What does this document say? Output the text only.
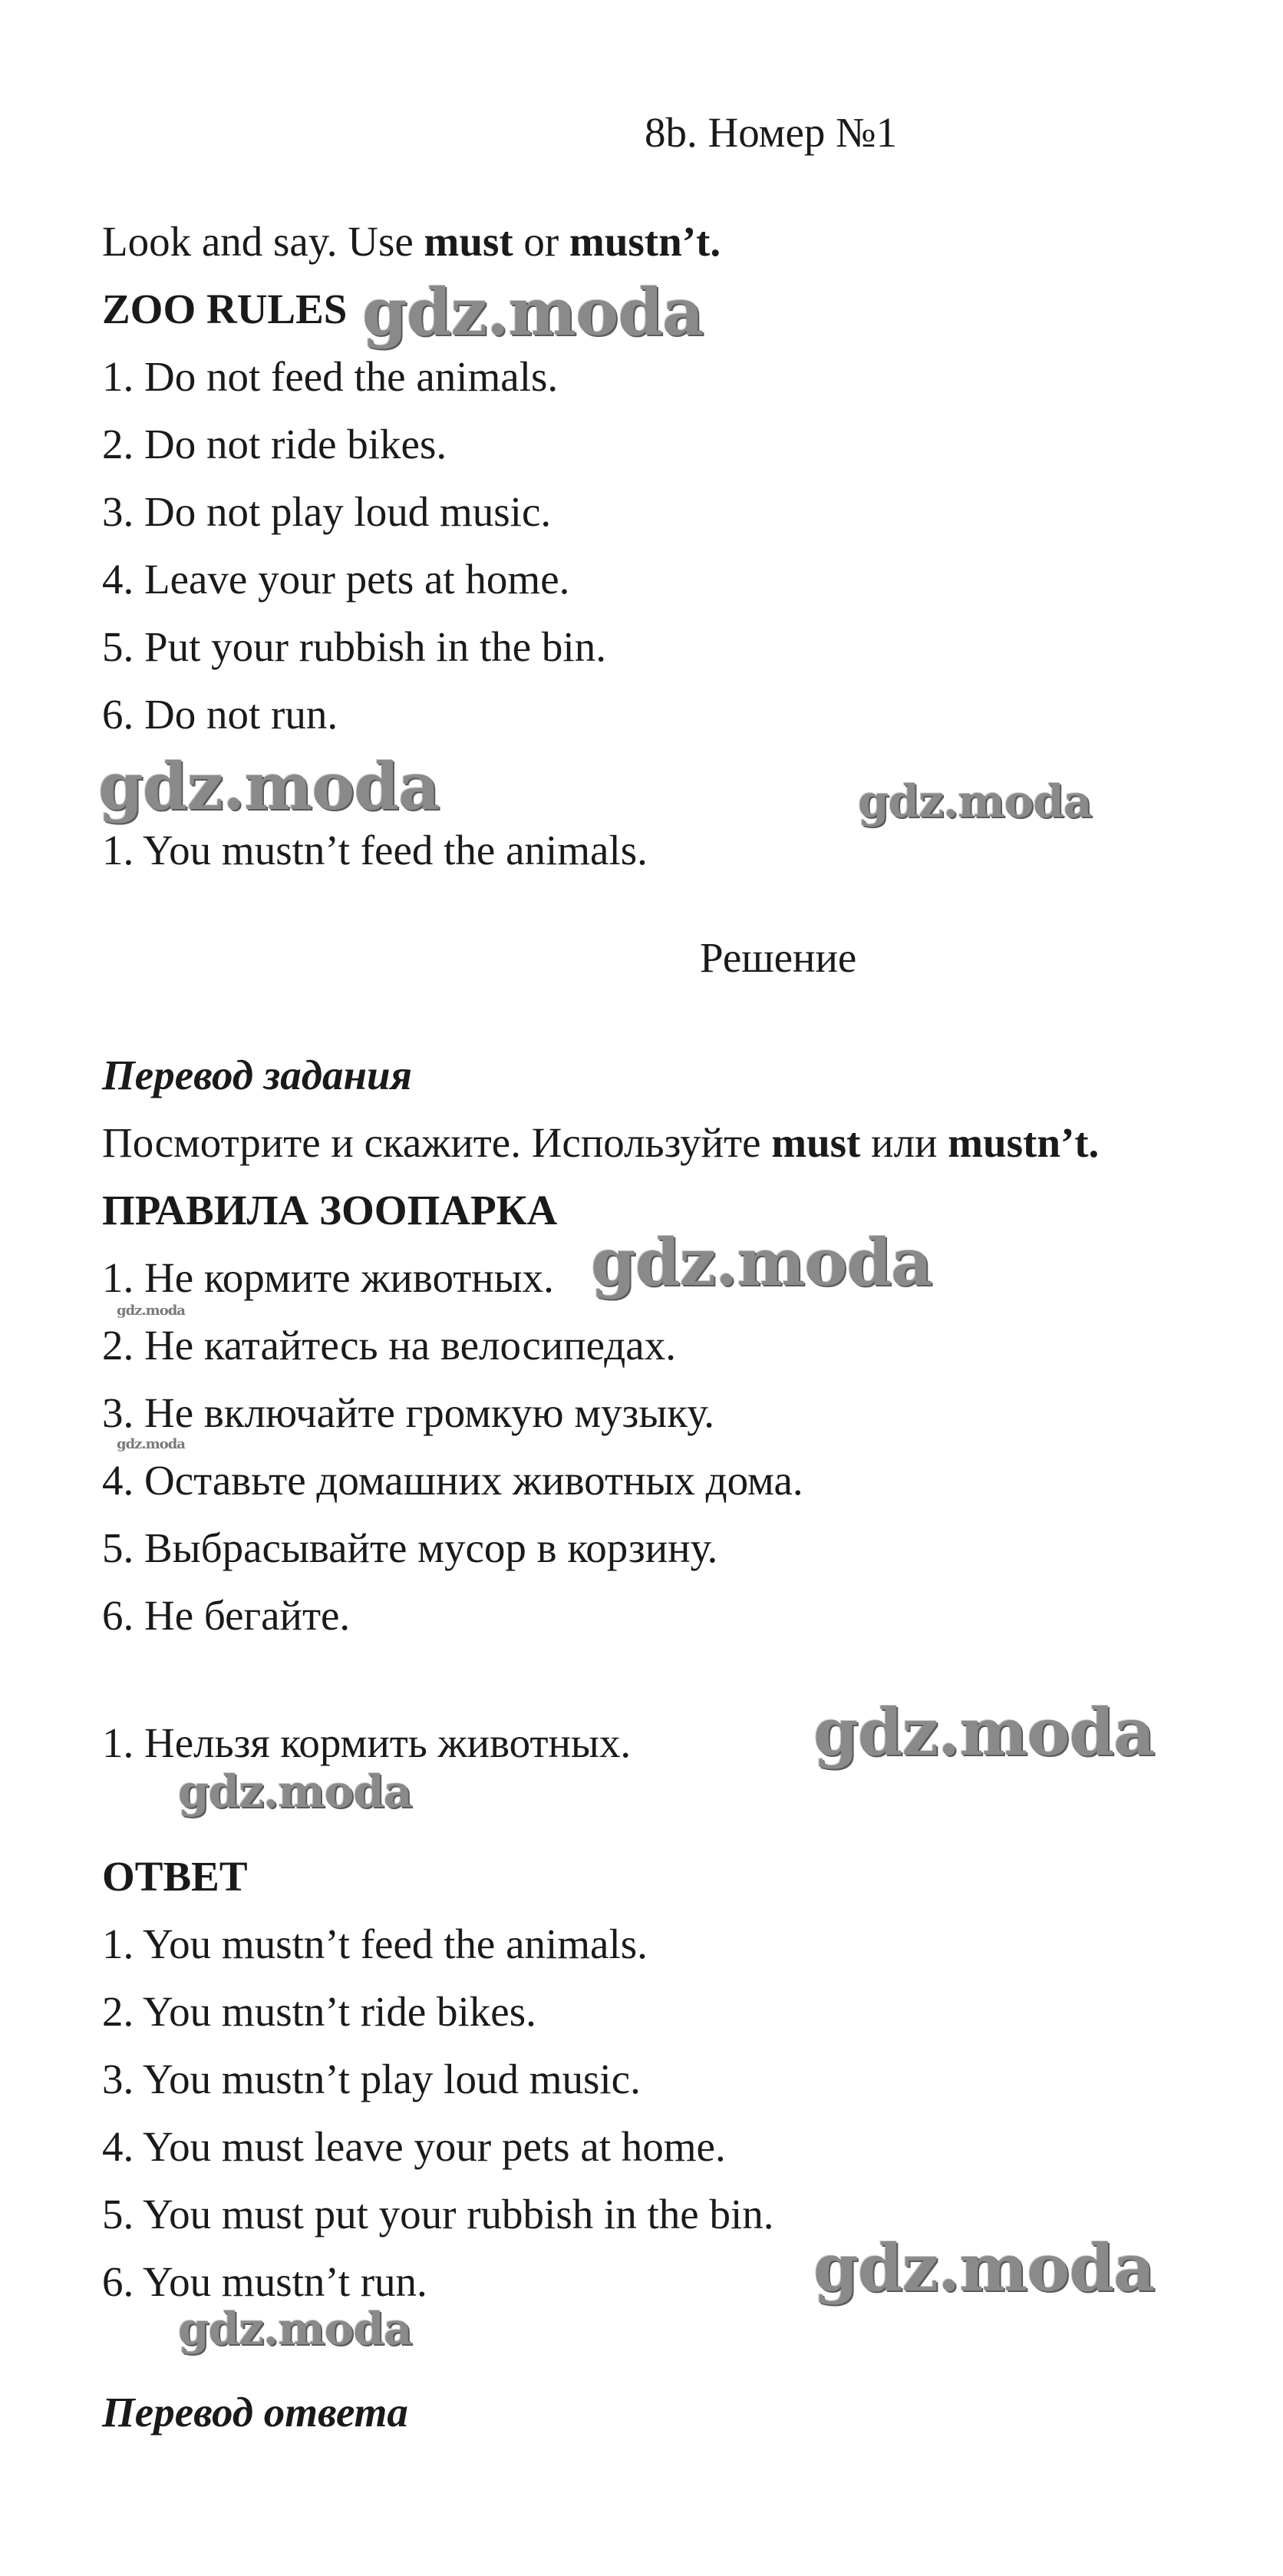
8b. Номер №1

Look and say. Use must or mustn’t.

ZOO RULES

1. Do not feed the animals.

2. Do not ride bikes.

3. Do not play loud music.

4. Leave your pets at home.

5. Put your rubbish in the bin.

6. Do not run.

1. You mustn’t feed the animals.

Решение

Перевод задания

Посмотрите и скажите. Используйте must или mustn’t.

ПРАВИЛА ЗООПАРКА

1. Не кормите животных.

2. Не катайтесь на велосипедах.

3. Не включайте громкую музыку.

4. Оставьте домашних животных дома.

5. Выбрасывайте мусор в корзину.

6. Не бегайте.

1. Нельзя кормить животных.

ОТВЕТ

1. You mustn’t feed the animals.

2. You mustn’t ride bikes.

3. You mustn’t play loud music.

4. You must leave your pets at home.

5. You must put your rubbish in the bin.

6. You mustn’t run.

Перевод ответа

gdz.moda

gdz.moda	gdz.moda

gdz.moda

gdz.moda

gdz.moda

gdz.moda

gdz.moda

gdz.moda

gdz.moda
